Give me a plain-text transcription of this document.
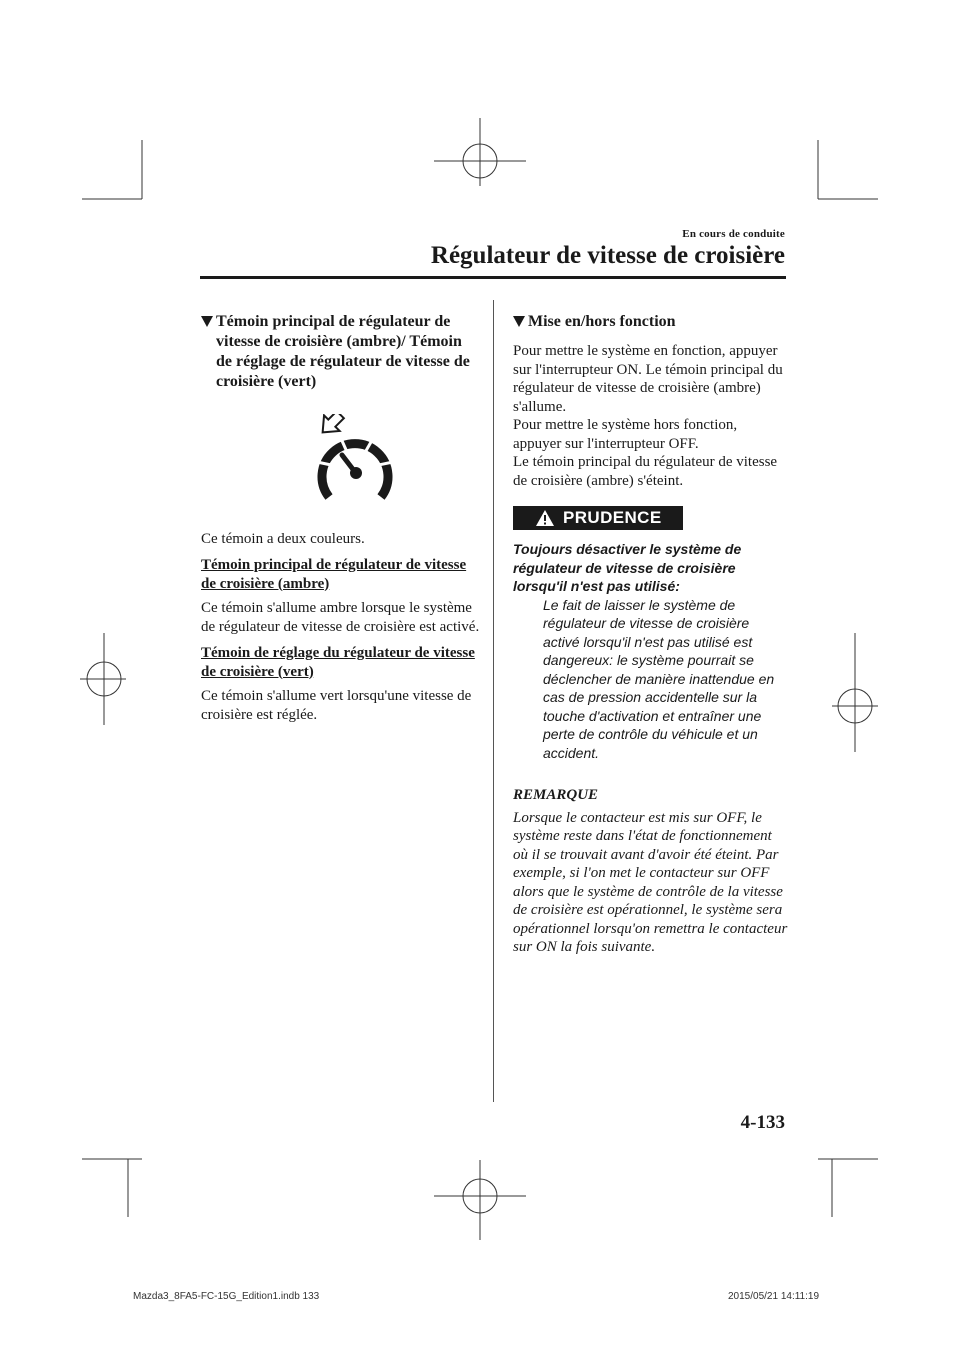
En cours de conduite
Régulateur de vitesse de croisière
Témoin principal de régulateur de vitesse de croisière (ambre)/ Témoin de réglage de régulateur de vitesse de croisière (vert)
Ce témoin a deux couleurs.
Témoin principal de régulateur de vitesse de croisière (ambre)
Ce témoin s'allume ambre lorsque le système de régulateur de vitesse de croisière est activé.
Témoin de réglage du régulateur de vitesse de croisière (vert)
Ce témoin s'allume vert lorsqu'une vitesse de croisière est réglée.
Mise en/hors fonction
Pour mettre le système en fonction, appuyer sur l'interrupteur ON. Le témoin principal du régulateur de vitesse de croisière (ambre) s'allume.
Pour mettre le système hors fonction, appuyer sur l'interrupteur OFF.
Le témoin principal du régulateur de vitesse de croisière (ambre) s'éteint.
PRUDENCE
Toujours désactiver le système de régulateur de vitesse de croisière lorsqu'il n'est pas utilisé:
Le fait de laisser le système de régulateur de vitesse de croisière activé lorsqu'il n'est pas utilisé est dangereux: le système pourrait se déclencher de manière inattendue en cas de pression accidentelle sur la touche d'activation et entraîner une perte de contrôle du véhicule et un accident.
REMARQUE
Lorsque le contacteur est mis sur OFF, le système reste dans l'état de fonctionnement où il se trouvait avant d'avoir été éteint. Par exemple, si l'on met le contacteur sur OFF alors que le système de contrôle de la vitesse de croisière est opérationnel, le système sera opérationnel lorsqu'on remettra le contacteur sur ON la fois suivante.
4-133
Mazda3_8FA5-FC-15G_Edition1.indb 133	2015/05/21 14:11:19
